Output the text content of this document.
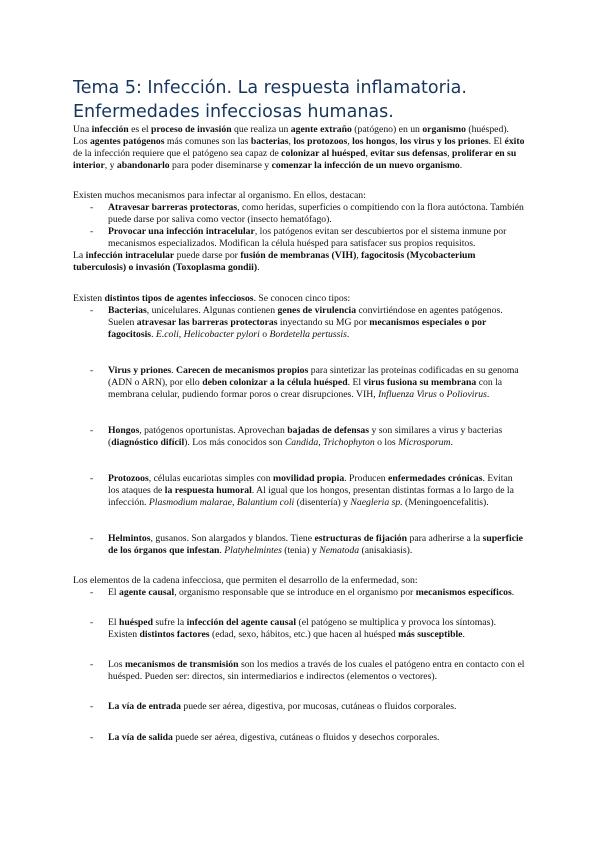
Tema 5: Infección. La respuesta inflamatoria. Enfermedades infecciosas humanas.

Una infección es el proceso de invasión que realiza un agente extraño (patógeno) en un organismo (huésped). Los agentes patógenos más comunes son las bacterias, los protozoos, los hongos, los virus y los priones. El éxito de la infección requiere que el patógeno sea capaz de colonizar al huésped, evitar sus defensas, proliferar en su interior, y abandonarlo para poder diseminarse y comenzar la infección de un nuevo organismo.

Existen muchos mecanismos para infectar al organismo. En ellos, destacan:

- Atravesar barreras protectoras, como heridas, superficies o compitiendo con la flora autóctona. También puede darse por saliva como vector (insecto hematófago).
- Provocar una infección intracelular, los patógenos evitan ser descubiertos por el sistema inmune por mecanismos especializados. Modifican la célula huésped para satisfacer sus propios requisitos.

La infección intracelular puede darse por fusión de membranas (VIH), fagocitosis (Mycobacterium tuberculosis) o invasión (Toxoplasma gondii).

Existen distintos tipos de agentes infecciosos. Se conocen cinco tipos:

- Bacterias, unicelulares. Algunas contienen genes de virulencia convirtiéndose en agentes patógenos. Suelen atravesar las barreras protectoras inyectando su MG por mecanismos especiales o por fagocitosis. E.coli, Helicobacter pylori o Bordetella pertussis.
- Virus y priones. Carecen de mecanismos propios para sintetizar las proteínas codificadas en su genoma (ADN o ARN), por ello deben colonizar a la célula huésped. El virus fusiona su membrana con la membrana celular, pudiendo formar poros o crear disrupciones. VIH, Influenza Virus o Poliovirus.
- Hongos, patógenos oportunistas. Aprovechan bajadas de defensas y son similares a virus y bacterias (diagnóstico difícil). Los más conocidos son Candida, Trichophyton o los Microsporum.
- Protozoos, células eucariotas simples con movilidad propia. Producen enfermedades crónicas. Evitan los ataques de la respuesta humoral. Al igual que los hongos, presentan distintas formas a lo largo de la infección. Plasmodium malarae, Balantium coli (disentería) y Naegleria sp. (Meningoencefalitis).
- Helmintos, gusanos. Son alargados y blandos. Tiene estructuras de fijación para adherirse a la superficie de los órganos que infestan. Platyhelmintes (tenia) y Nematoda (anisakiasis).

Los elementos de la cadena infecciosa, que permiten el desarrollo de la enfermedad, son:

- El agente causal, organismo responsable que se introduce en el organismo por mecanismos específicos.
- El huésped sufre la infección del agente causal (el patógeno se multiplica y provoca los síntomas). Existen distintos factores (edad, sexo, hábitos, etc.) que hacen al huésped más susceptible.
- Los mecanismos de transmisión son los medios a través de los cuales el patógeno entra en contacto con el huésped. Pueden ser: directos, sin intermediarios e indirectos (elementos o vectores).
- La vía de entrada puede ser aérea, digestiva, por mucosas, cutáneas o fluidos corporales.
- La vía de salida puede ser aérea, digestiva, cutáneas o fluidos y desechos corporales.
